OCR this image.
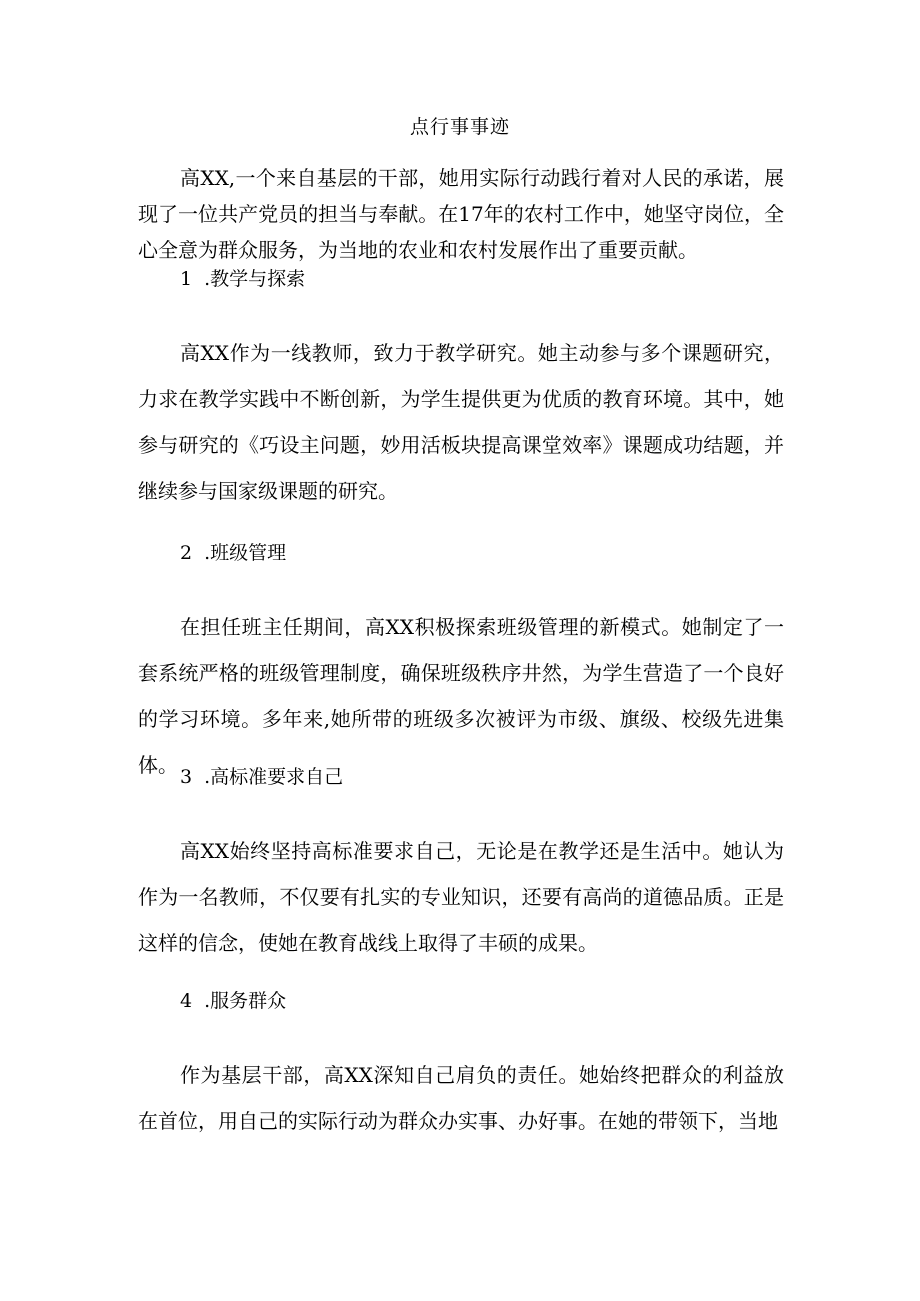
点行事事迹

高XX,一个来自基层的干部，她用实际行动践行着对人民的承诺，展现了一位共产党员的担当与奉献。在17年的农村工作中，她坚守岗位，全心全意为群众服务，为当地的农业和农村发展作出了重要贡献。

1 .教学与探索

高XX作为一线教师，致力于教学研究。她主动参与多个课题研究，力求在教学实践中不断创新，为学生提供更为优质的教育环境。其中，她参与研究的《巧设主问题，妙用活板块提高课堂效率》课题成功结题，并继续参与国家级课题的研究。

2 .班级管理

在担任班主任期间，高XX积极探索班级管理的新模式。她制定了一套系统严格的班级管理制度，确保班级秩序井然，为学生营造了一个良好的学习环境。多年来,她所带的班级多次被评为市级、旗级、校级先进集体。 3 .高标准要求自己

高XX始终坚持高标准要求自己，无论是在教学还是生活中。她认为作为一名教师，不仅要有扎实的专业知识，还要有高尚的道德品质。正是这样的信念，使她在教育战线上取得了丰硕的成果。

4 .服务群众

作为基层干部，高XX深知自己肩负的责任。她始终把群众的利益放在首位，用自己的实际行动为群众办实事、办好事。在她的带领下，当地
